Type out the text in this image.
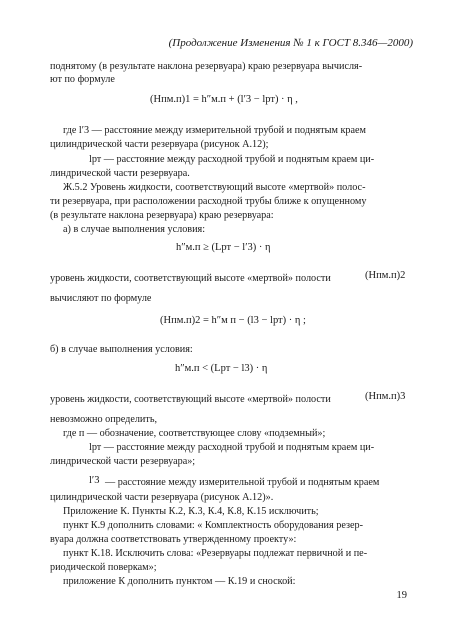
(Продолжение Изменения № 1 к ГОСТ 8.346—2000)
поднятому (в результате наклона резервуара) краю резервуара вычисля-
ют по формуле
(Hпм.п)1 = h″м.п + (l′3 − lрт) · η ,
где l′3 — расстояние между измерительной трубой и поднятым краем
цилиндрической части резервуара (рисунок А.12);
lрт — расстояние между расходной трубой и поднятым краем ци-
линдрической части резервуара.
Ж.5.2 Уровень жидкости, соответствующий высоте «мертвой» полос-
ти резервуара, при расположении расходной трубы ближе к опущенному
(в результате наклона резервуара) краю резервуара:
а) в случае выполнения условия:
h″м.п ≥ (Lрт − l′3) · η
уровень жидкости, соответствующий высоте «мертвой» полости	(Hпм.п)2
вычисляют по формуле
(Hпм.п)2 = h″м п − (l3 − lрт) · η ;
б) в случае выполнения условия:
h″м.п < (Lрт − l3) · η
уровень жидкости, соответствующий высоте «мертвой» полости	(Hпм.п)3
невозможно определить,
где п — обозначение, соответствующее слову «подземный»;
lрт — расстояние между расходной трубой и поднятым краем ци-
линдрической части резервуара»;
l′3 — расстояние между измерительной трубой и поднятым краем
цилиндрической части резервуара (рисунок А.12)».
Приложение К. Пункты К.2, К.3, К.4, К.8, К.15 исключить;
пункт К.9 дополнить словами: « Комплектность оборудования резер-
вуара должна соответствовать утвержденному проекту»:
пункт К.18. Исключить слова: «Резервуары подлежат первичной и пе-
риодической поверкам»;
приложение К дополнить пунктом — К.19 и сноской:
19
